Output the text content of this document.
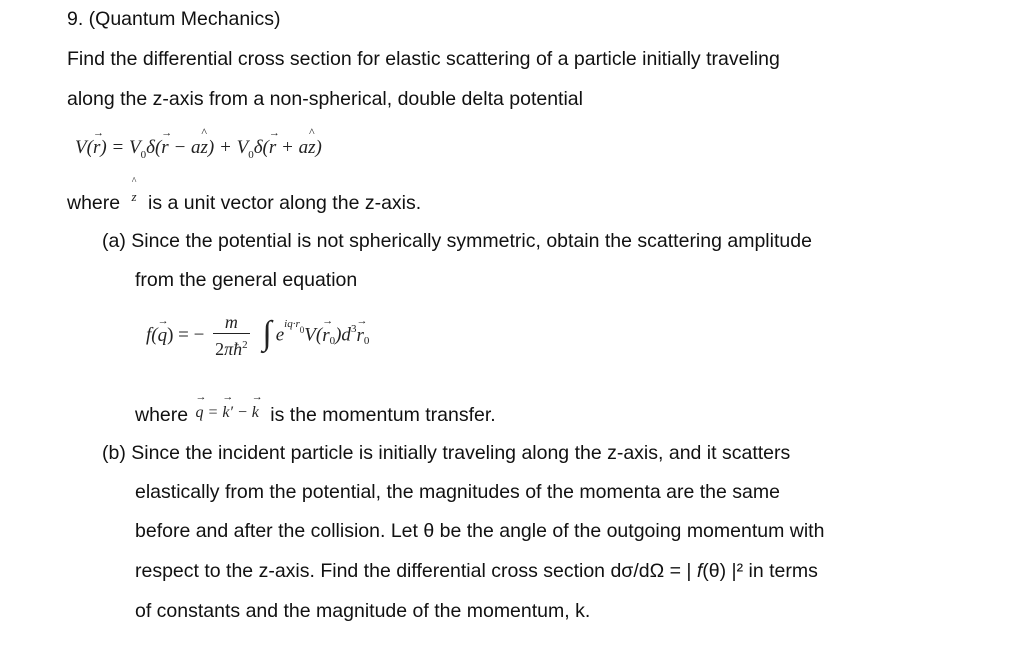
9. (Quantum Mechanics)
Find the differential cross section for elastic scattering of a particle initially traveling
along the z-axis from a non-spherical, double delta potential
V(
→
$r) = V_0\delta$(
→
r − a
^
$z) + V_0\delta$(
→
r + a
^
z)
where
^
z is a unit vector along the z-axis.
(a) Since the potential is not spherically symmetric, obtain the scattering amplitude
from the general equation
f(
→
q) = − $\frac{m}{2\pi ħ^2}$ ∫ $e^{iq\cdot r}_0V$(
→
$r_0)d^3$
→
$r_0$
where
→
q =
→
k′ −
→
k is the momentum transfer.
(b) Since the incident particle is initially traveling along the z-axis, and it scatters
elastically from the potential, the magnitudes of the momenta are the same
before and after the collision. Let θ be the angle of the outgoing momentum with
respect to the z-axis. Find the differential cross section dσ/dΩ = | f(θ) |² in terms
of constants and the magnitude of the momentum, k.
